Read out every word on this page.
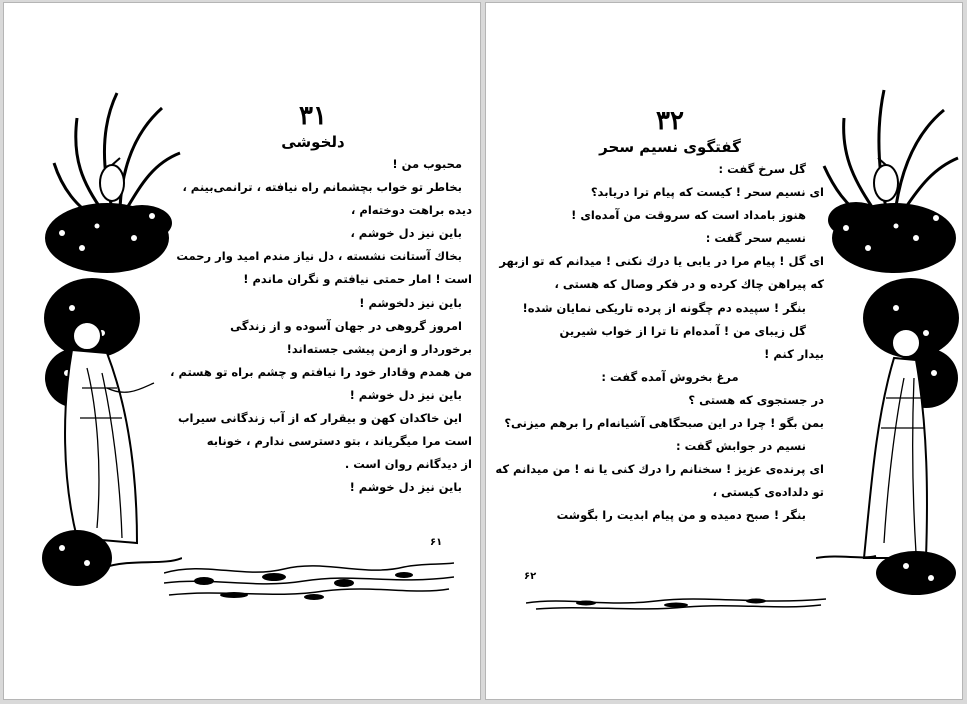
۳۱
دلخوشی
محبوب من !
بخاطر تو خواب بچشمانم راه نیافته ، ترانمی‌بینم ،
دیده براهت دوخته‌ام ،
باین نیز دل خوشم ،
بخاك آستانت نشسته ، دل نیاز مندم امید وار رحمت
است ! امار حمتی نیافتم و نگران ماندم !
باین نیز دلخوشم !
امروز گروهی در جهان آسوده و از زندگی
برخوردار و ازمن پیشی جسته‌اند!
من همدم وقادار خود را نیافتم و چشم براه تو هستم ،
باین نیز دل خوشم !
این خاکدان کهن و بیقرار که از آب زندگانی سیراب
است مرا میگریاند ، بتو دسترسی ندارم ، خونابه
از دیدگانم روان است .
باین نیز دل خوشم !
۶۱
۳۲
گفتگوی نسیم سحر
گل سرخ گفت :
ای نسیم سحر ! کیست که پیام ترا دریابد؟
هنوز بامداد است که سروقت من آمده‌ای !
نسیم سحر گفت :
ای گل ! پیام مرا در یابی یا درك نکنی ! میدانم که تو ازبهر
که پیراهن چاك کرده و در فکر وصال که هستی ،
بنگر ! سپیده دم چگونه از پرده تاریکی نمایان شده!
گل زیبای من ! آمده‌ام تا ترا از خواب شیرین
بیدار کنم !
مرغ بخروش آمده گفت :
در جستجوی که هستی ؟
بمن بگو ! چرا در این صبحگاهی آشیانه‌ام را برهم میزنی؟
نسیم در جوابش گفت :
ای پرنده‌ی عزیز ! سخنانم را درك کنی یا نه ! من میدانم که
تو دلداده‌ی کیستی ،
بنگر ! صبح دمیده و من پیام ابدیت را بگوشت
۶۲
